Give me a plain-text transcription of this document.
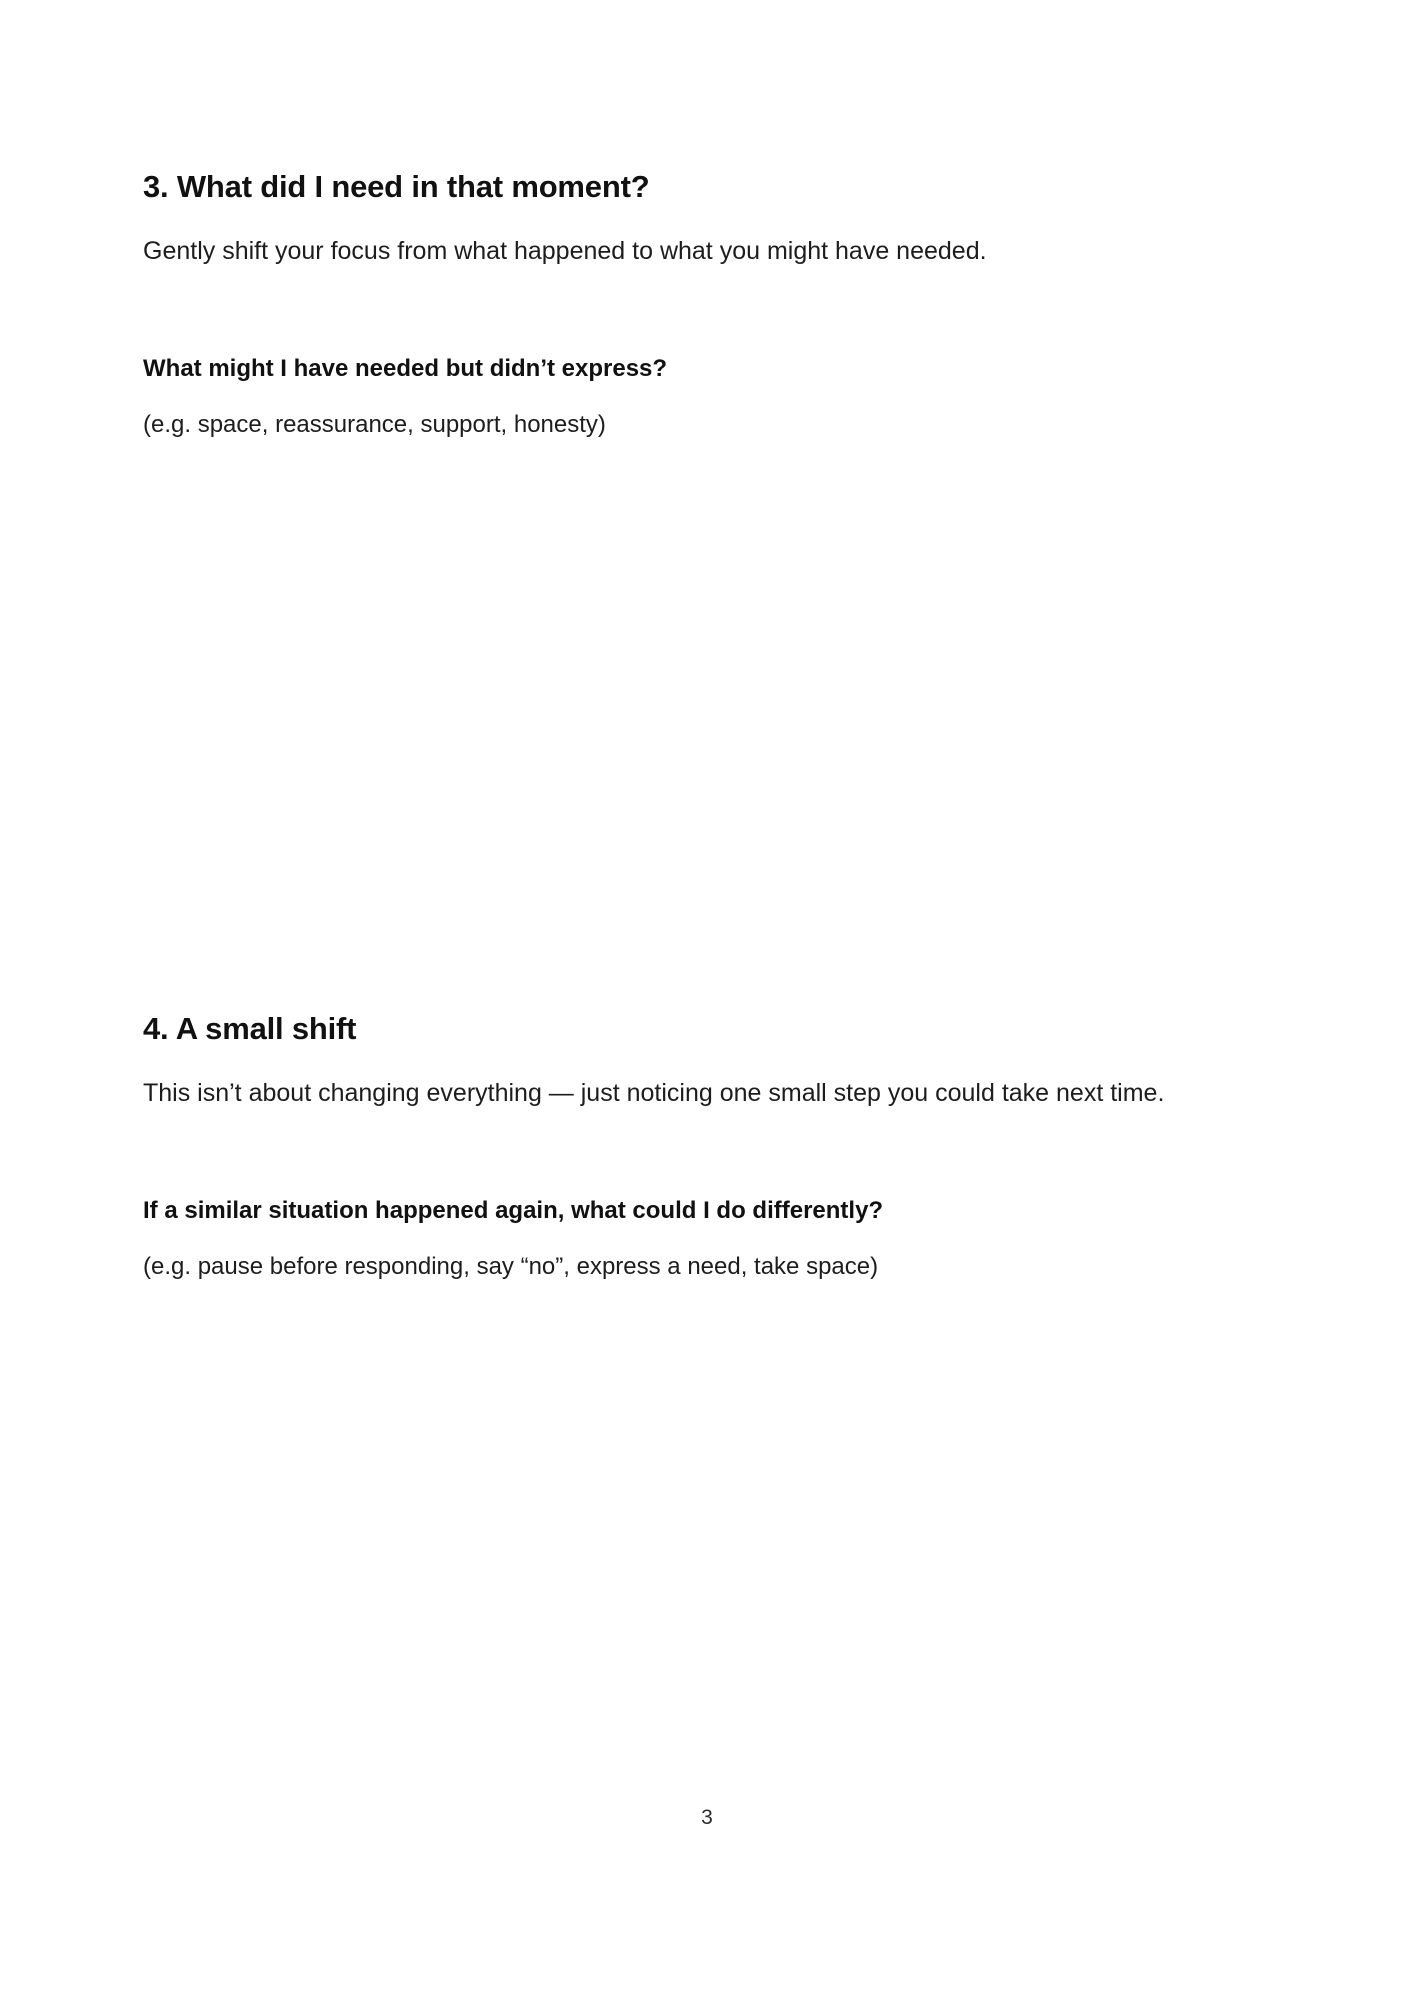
3. What did I need in that moment?

Gently shift your focus from what happened to what you might have needed.

What might I have needed but didn’t express?

(e.g. space, reassurance, support, honesty)

4. A small shift

This isn’t about changing everything — just noticing one small step you could take next time.

If a similar situation happened again, what could I do differently?

(e.g. pause before responding, say “no”, express a need, take space)

3
